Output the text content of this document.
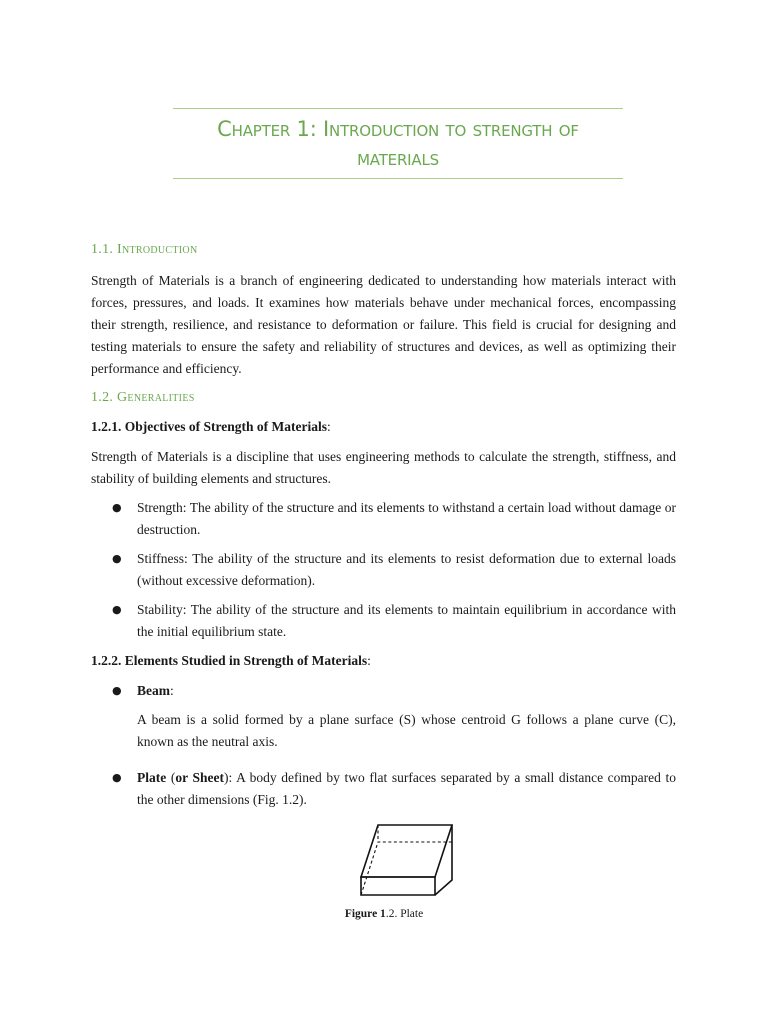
Chapter 1: Introduction to strength of
materials
1.1. Introduction

Strength of Materials is a branch of engineering dedicated to understanding how materials interact with forces, pressures, and loads. It examines how materials behave under mechanical forces, encompassing their strength, resilience, and resistance to deformation or failure. This field is crucial for designing and testing materials to ensure the safety and reliability of structures and devices, as well as optimizing their performance and efficiency.

1.2. Generalities

1.2.1. Objectives of Strength of Materials:

Strength of Materials is a discipline that uses engineering methods to calculate the strength, stiffness, and stability of building elements and structures.

● Strength: The ability of the structure and its elements to withstand a certain load without damage or destruction.
● Stiffness: The ability of the structure and its elements to resist deformation due to external loads (without excessive deformation).
● Stability: The ability of the structure and its elements to maintain equilibrium in accordance with the initial equilibrium state.

1.2.2. Elements Studied in Strength of Materials:

● Beam:

A beam is a solid formed by a plane surface (S) whose centroid G follows a plane curve (C), known as the neutral axis.

● Plate (or Sheet): A body defined by two flat surfaces separated by a small distance compared to the other dimensions (Fig. 1.2).
Figure 1.2. Plate
